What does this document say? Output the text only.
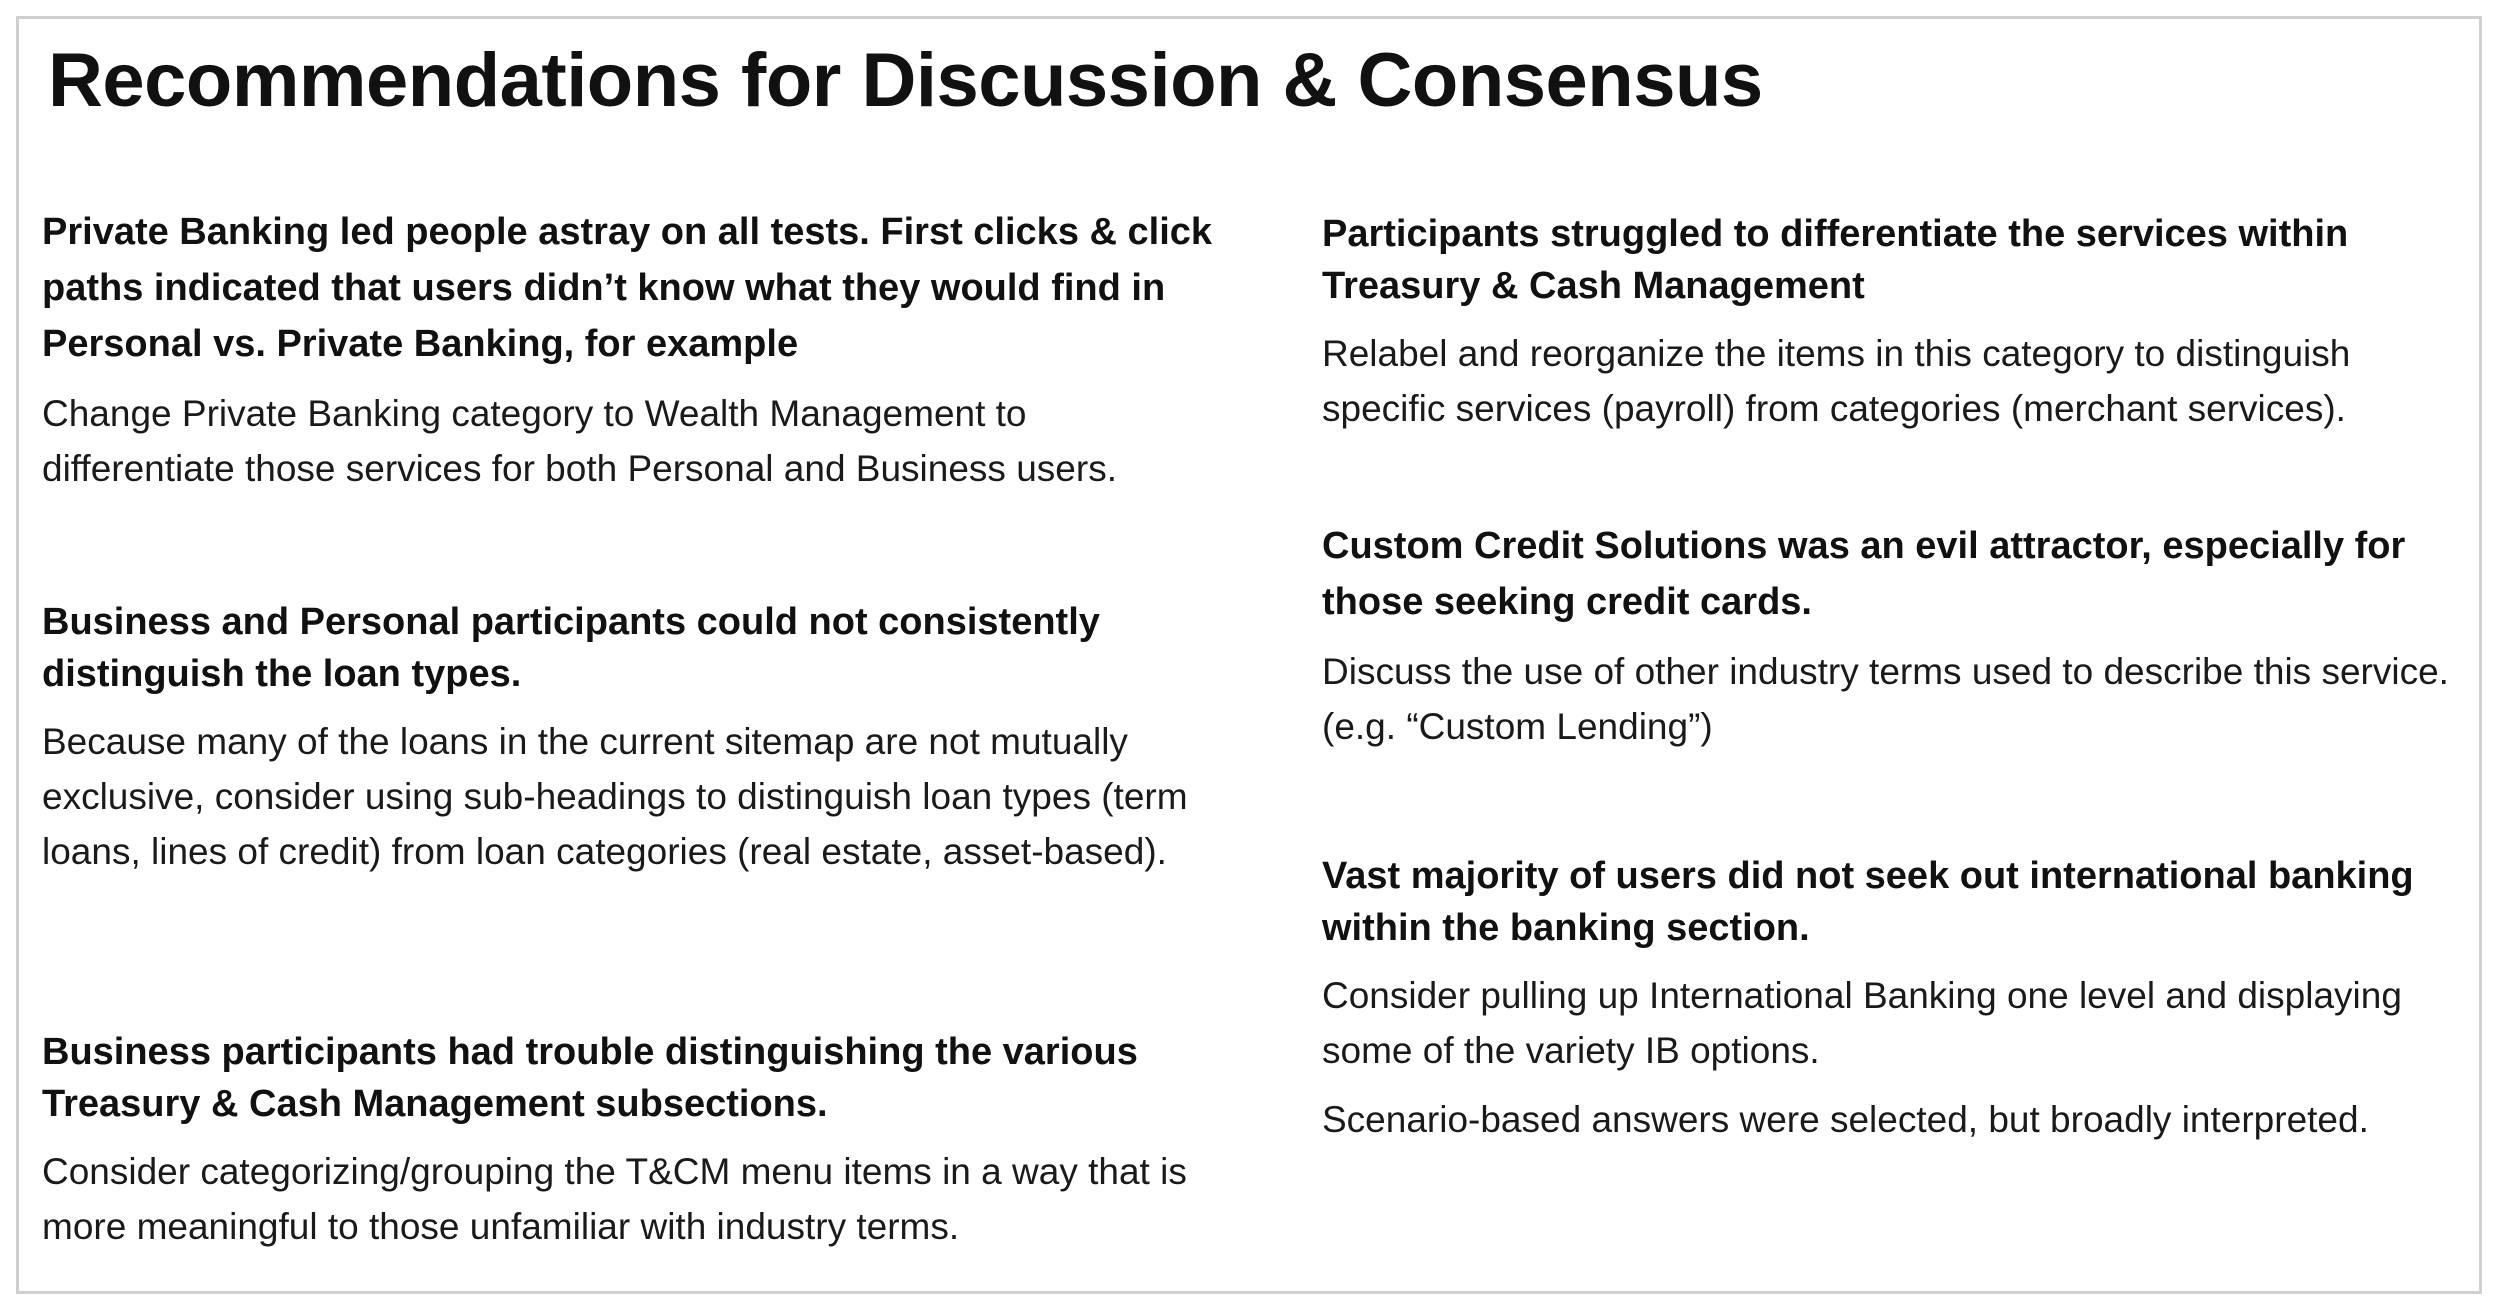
Recommendations for Discussion & Consensus

Private Banking led people astray on all tests. First clicks & click paths indicated that users didn’t know what they would find in Personal vs. Private Banking, for example

Change Private Banking category to Wealth Management to differentiate those services for both Personal and Business users.

Business and Personal participants could not consistently distinguish the loan types.

Because many of the loans in the current sitemap are not mutually exclusive, consider using sub-headings to distinguish loan types (term loans, lines of credit) from loan categories (real estate, asset-based).

Business participants had trouble distinguishing the various Treasury & Cash Management subsections.

Consider categorizing/grouping the T&CM menu items in a way that is more meaningful to those unfamiliar with industry terms.

Participants struggled to differentiate the services within Treasury & Cash Management

Relabel and reorganize the items in this category to distinguish specific services (payroll) from categories (merchant services).

Custom Credit Solutions was an evil attractor, especially for those seeking credit cards.

Discuss the use of other industry terms used to describe this service. (e.g. “Custom Lending”)

Vast majority of users did not seek out international banking within the banking section.

Consider pulling up International Banking one level and displaying some of the variety IB options.

Scenario-based answers were selected, but broadly interpreted.
